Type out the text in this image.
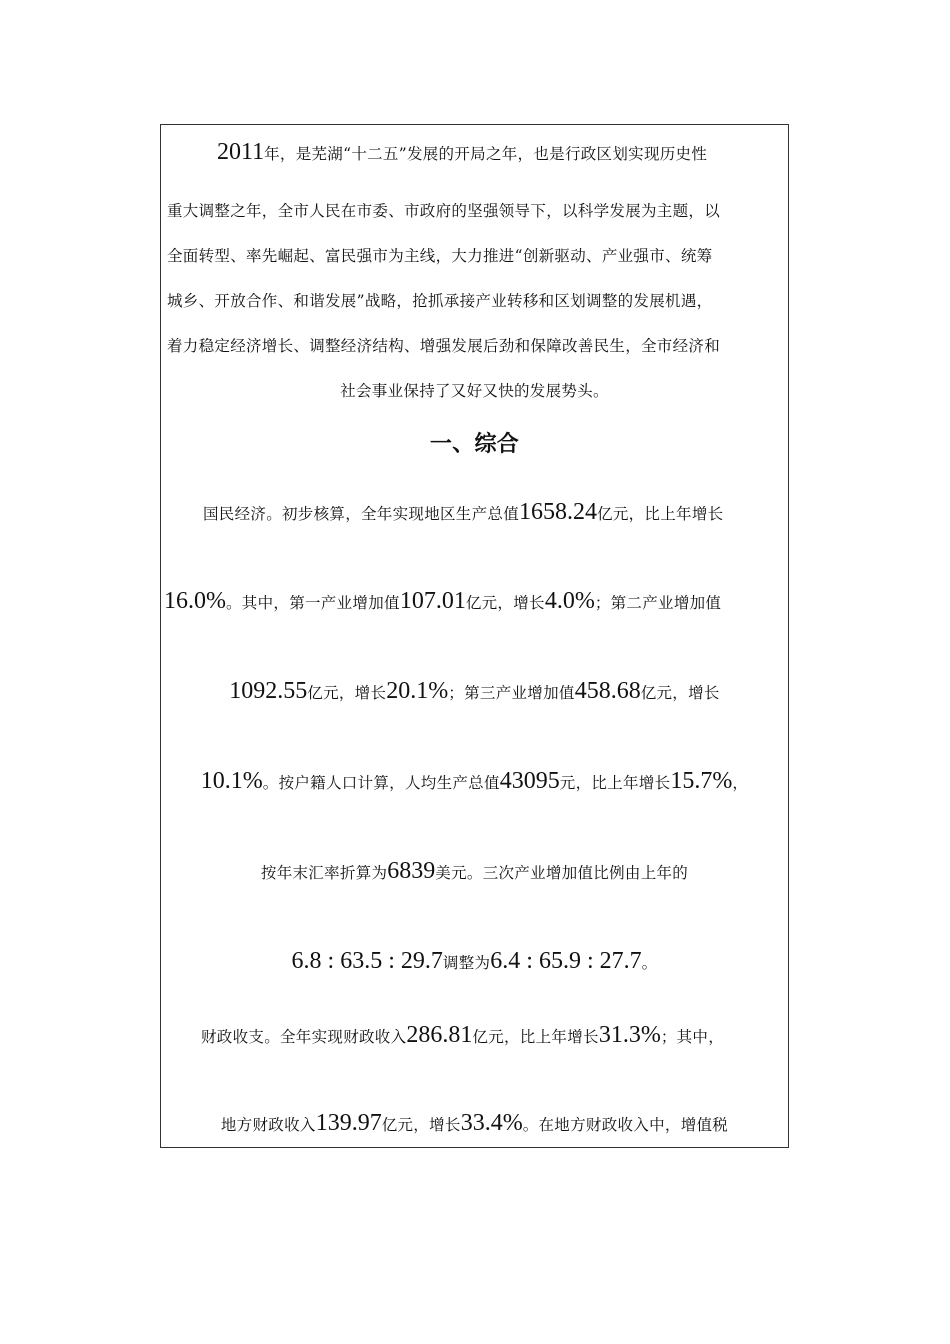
2011年，是芜湖“十二五”发展的开局之年，也是行政区划实现历史性
重大调整之年，全市人民在市委、市政府的坚强领导下，以科学发展为主题，以
全面转型、率先崛起、富民强市为主线，大力推进“创新驱动、产业强市、统筹
城乡、开放合作、和谐发展”战略，抢抓承接产业转移和区划调整的发展机遇，
着力稳定经济增长、调整经济结构、增强发展后劲和保障改善民生，全市经济和
社会事业保持了又好又快的发展势头。
一、综合
国民经济。初步核算，全年实现地区生产总值1658.24亿元，比上年增长
16.0%。其中，第一产业增加值107.01亿元，增长4.0%；第二产业增加值
1092.55亿元，增长20.1%；第三产业增加值458.68亿元，增长
10.1%。按户籍人口计算，人均生产总值43095元，比上年增长15.7%，
按年末汇率折算为6839美元。三次产业增加值比例由上年的
6.8 : 63.5 : 29.7调整为6.4 : 65.9 : 27.7。
财政收支。全年实现财政收入286.81亿元，比上年增长31.3%；其中，
地方财政收入139.97亿元，增长33.4%。在地方财政收入中，增值税
